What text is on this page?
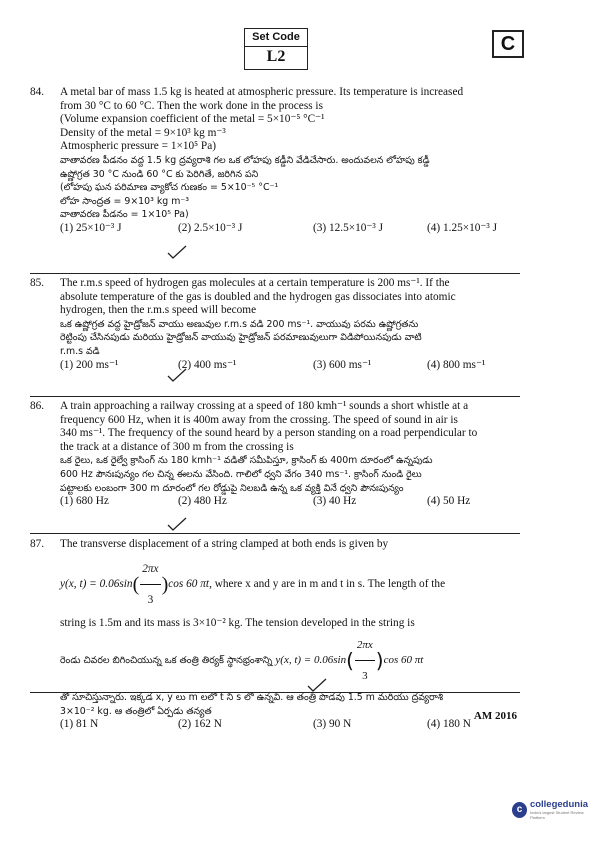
Set Code
L2
C
84.	A metal bar of mass 1.5 kg is heated at atmospheric pressure. Its temperature is increased

from 30 °C to 60 °C. Then the work done in the process is

(Volume expansion coefficient of the metal = 5×10⁻⁵ °C⁻¹

Density of the metal = 9×10³ kg m⁻³

Atmospheric pressure = 1×10⁵ Pa)

వాతావరణ పీడనం వద్ద 1.5 kg ద్రవ్యరాశి గల ఒక లోహపు కడ్డీని వేడిచేసారు. అందువలన లోహపు కడ్డీ

ఉష్ణోగ్రత 30 °C నుండి 60 °C కు పెరిగితే, జరిగిన పని

(లోహపు ఘన పరిమాణ వ్యాకోచ గుణకం = 5×10⁻⁵ °C⁻¹

లోహ సాంద్రత = 9×10³ kg m⁻³

వాతావరణ పీడనం = 1×10⁵ Pa)

(1) 25×10⁻³ J	(2) 2.5×10⁻³ J	(3) 12.5×10⁻³ J	(4) 1.25×10⁻³ J
85.	The r.m.s speed of hydrogen gas molecules at a certain temperature is 200 ms⁻¹. If the

absolute temperature of the gas is doubled and the hydrogen gas dissociates into atomic

hydrogen, then the r.m.s speed will become

ఒక ఉష్ణోగ్రత వద్ద హైడ్రోజన్ వాయు అణువుల r.m.s వడి 200 ms⁻¹. వాయువు పరమ ఉష్ణోగ్రతను

రెట్టింపు చేసినపుడు మరియు హైడ్రోజన్ వాయువు హైడ్రోజన్ పరమాణువులుగా విడిపోయినపుడు వాటి

r.m.s వడి

(1) 200 ms⁻¹	(2) 400 ms⁻¹	(3) 600 ms⁻¹	(4) 800 ms⁻¹
86.	A train approaching a railway crossing at a speed of 180 kmh⁻¹ sounds a short whistle at a

frequency 600 Hz, when it is 400m away from the crossing. The speed of sound in air is

340 ms⁻¹. The frequency of the sound heard by a person standing on a road perpendicular to

the track at a distance of 300 m from the crossing is

ఒక రైలు, ఒక రైల్వే క్రాసింగ్ ను 180 kmh⁻¹ వడితో సమీపిస్తూ, క్రాసింగ్ కు 400m దూరంలో ఉన్నపుడు

600 Hz పౌనఃపున్యం గల చిన్న ఈలను వేసింది. గాలిలో ధ్వని వేగం 340 ms⁻¹. క్రాసింగ్ నుండి రైలు

పట్టాలకు లంబంగా 300 m దూరంలో గల రోడ్డుపై నిలబడి ఉన్న ఒక వ్యక్తి వినే ధ్వని పౌనఃపున్యం

(1) 680 Hz	(2) 480 Hz	(3) 40 Hz	(4) 50 Hz
87.	The transverse displacement of a string clamped at both ends is given by

y(x, $t) = 0.06\sin( \frac{2\pi x}{3} )\cos$ 60 πt, where x and y are in m and t in s. The length of the

string is 1.5m and its mass is 3×10⁻² kg. The tension developed in the string is

రెండు చివరల బిగించియున్న ఒక తంత్రి తిర్యక్ స్థానభ్రంశాన్ని y(x, $t) = 0.06\sin( \frac{2\pi x}{3} )\cos$ 60 πt

తో సూచిస్తున్నారు. ఇక్కడ x, y లు m లలో t ని s లో ఉన్నవి. ఆ తంత్రి పొడవు 1.5 m మరియు ద్రవ్యరాశి

3×10⁻² kg. ఆ తంత్రిలో ఏర్పడు తన్యత

(1) 81 N	(2) 162 N	(3) 90 N	(4) 180 N
AM 2016
c collegedunia
India's largest Student Review Platform
